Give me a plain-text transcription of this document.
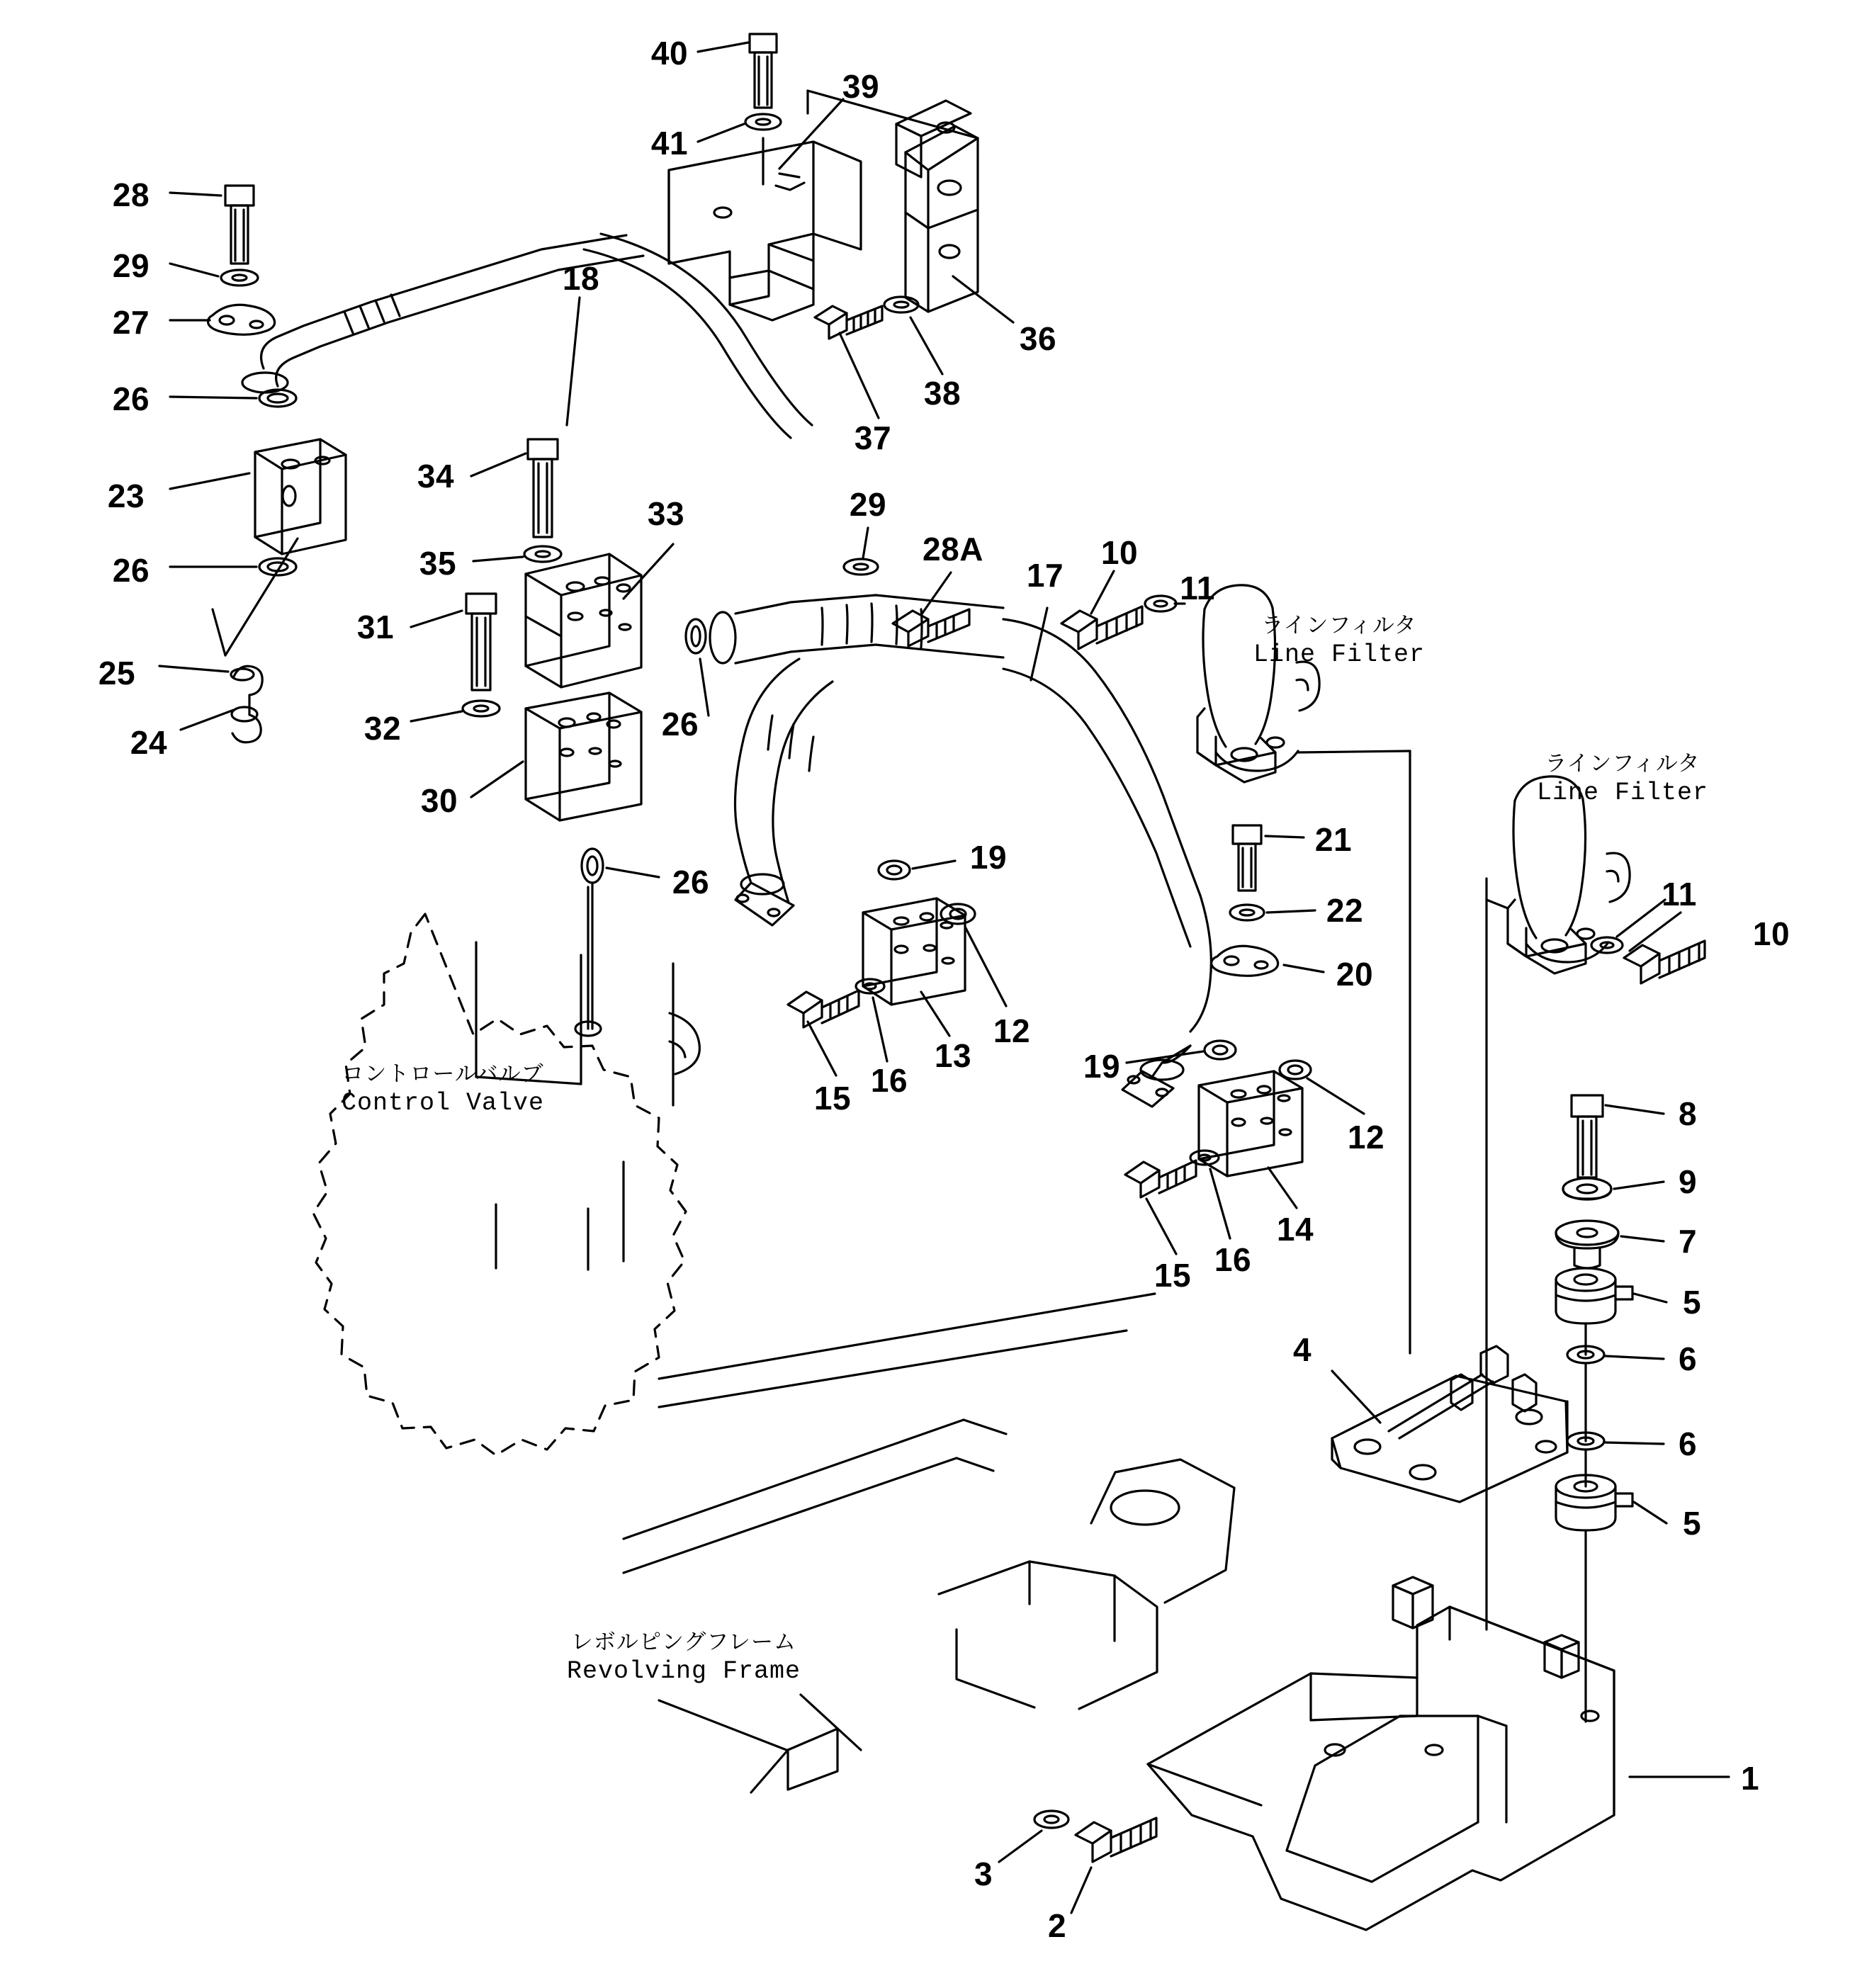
ラインフィルタ
Line Filter
ラインフィルタ
Line Filter
コントロールバルブ
Control Valve
レボルピングフレーム
Revolving Frame
40
39
41
28
29
27	36
18
26	38
37
23
34
33	29
28A
17
10
11
26	35
31
25
24	32	26
30
21
22
20
11
10
26
19
12
13
16
15
19
12
14
16
15
8
9
7
5
6
6
5
4
1
3
2
